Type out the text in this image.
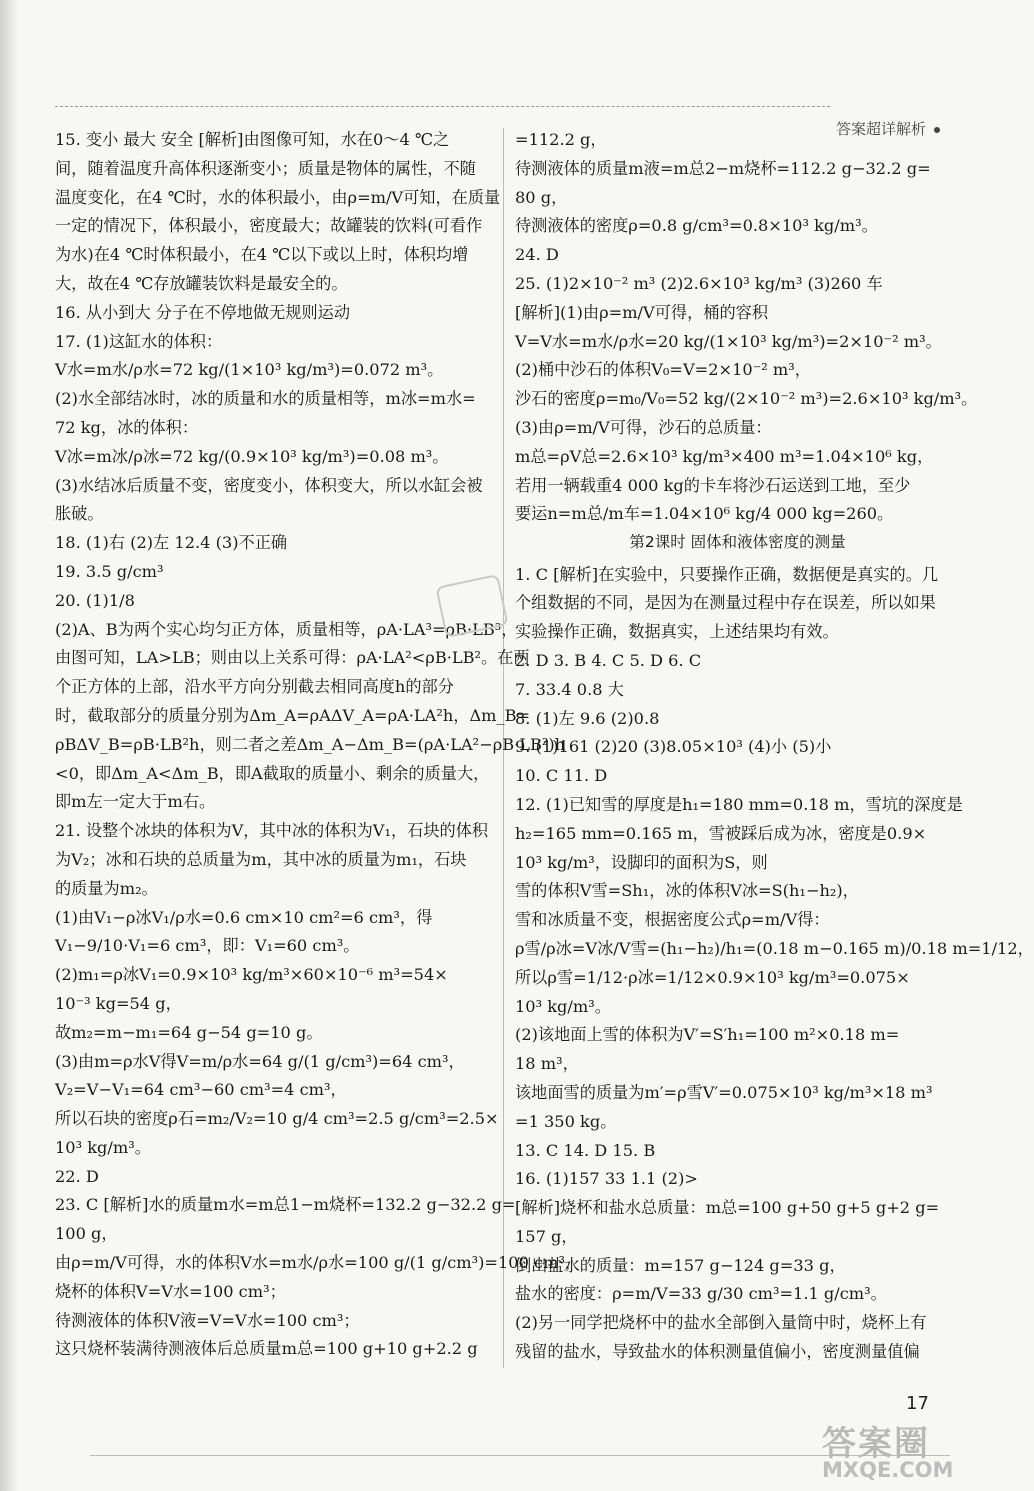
答案超详解析
15. 变小 最大 安全 [解析]由图像可知，水在0～4 ℃之
间，随着温度升高体积逐渐变小；质量是物体的属性，不随
温度变化，在4 ℃时，水的体积最小，由ρ=m/V可知，在质量
一定的情况下，体积最小，密度最大；故罐装的饮料(可看作
为水)在4 ℃时体积最小，在4 ℃以下或以上时，体积均增
大，故在4 ℃存放罐装饮料是最安全的。
16. 从小到大 分子在不停地做无规则运动
17. (1)这缸水的体积：
V水=m水/ρ水=72 kg/(1×10³ kg/m³)=0.072 m³。
(2)水全部结冰时，冰的质量和水的质量相等，m冰=m水=
72 kg，冰的体积：
V冰=m冰/ρ冰=72 kg/(0.9×10³ kg/m³)=0.08 m³。
(3)水结冰后质量不变，密度变小，体积变大，所以水缸会被
胀破。
18. (1)右 (2)左 12.4 (3)不正确
19. 3.5 g/cm³
20. (1)1/8
(2)A、B为两个实心均匀正方体，质量相等，ρA·LA³=ρB·LB³，
由图可知，LA>LB；则由以上关系可得：ρA·LA²<ρB·LB²。在两
个正方体的上部，沿水平方向分别截去相同高度h的部分
时，截取部分的质量分别为Δm_A=ρAΔV_A=ρA·LA²h，Δm_B=
ρBΔV_B=ρB·LB²h，则二者之差Δm_A−Δm_B=(ρA·LA²−ρB·LB²)h
<0，即Δm_A<Δm_B，即A截取的质量小、剩余的质量大，
即m左一定大于m右。
21. 设整个冰块的体积为V，其中冰的体积为V₁，石块的体积
为V₂；冰和石块的总质量为m，其中冰的质量为m₁，石块
的质量为m₂。
(1)由V₁−ρ冰V₁/ρ水=0.6 cm×10 cm²=6 cm³，得
V₁−9/10·V₁=6 cm³，即：V₁=60 cm³。
(2)m₁=ρ冰V₁=0.9×10³ kg/m³×60×10⁻⁶ m³=54×
10⁻³ kg=54 g，
故m₂=m−m₁=64 g−54 g=10 g。
(3)由m=ρ水V得V=m/ρ水=64 g/(1 g/cm³)=64 cm³，
V₂=V−V₁=64 cm³−60 cm³=4 cm³，
所以石块的密度ρ石=m₂/V₂=10 g/4 cm³=2.5 g/cm³=2.5×
10³ kg/m³。
22. D
23. C [解析]水的质量m水=m总1−m烧杯=132.2 g−32.2 g=
100 g，
由ρ=m/V可得，水的体积V水=m水/ρ水=100 g/(1 g/cm³)=100 cm³，
烧杯的体积V=V水=100 cm³；
待测液体的体积V液=V=V水=100 cm³；
这只烧杯装满待测液体后总质量m总=100 g+10 g+2.2 g
=112.2 g，
待测液体的质量m液=m总2−m烧杯=112.2 g−32.2 g=
80 g，
待测液体的密度ρ=0.8 g/cm³=0.8×10³ kg/m³。
24. D
25. (1)2×10⁻² m³ (2)2.6×10³ kg/m³ (3)260 车
[解析](1)由ρ=m/V可得，桶的容积
V=V水=m水/ρ水=20 kg/(1×10³ kg/m³)=2×10⁻² m³。
(2)桶中沙石的体积V₀=V=2×10⁻² m³，
沙石的密度ρ=m₀/V₀=52 kg/(2×10⁻² m³)=2.6×10³ kg/m³。
(3)由ρ=m/V可得，沙石的总质量：
m总=ρV总=2.6×10³ kg/m³×400 m³=1.04×10⁶ kg，
若用一辆载重4 000 kg的卡车将沙石运送到工地，至少
要运n=m总/m车=1.04×10⁶ kg/4 000 kg=260。
第2课时 固体和液体密度的测量
1. C [解析]在实验中，只要操作正确，数据便是真实的。几
个组数据的不同，是因为在测量过程中存在误差，所以如果
实验操作正确，数据真实，上述结果均有效。
2. D 3. B 4. C 5. D 6. C
7. 33.4 0.8 大
8. (1)左 9.6 (2)0.8
9. (1)161 (2)20 (3)8.05×10³ (4)小 (5)小
10. C 11. D
12. (1)已知雪的厚度是h₁=180 mm=0.18 m，雪坑的深度是
h₂=165 mm=0.165 m，雪被踩后成为冰，密度是0.9×
10³ kg/m³，设脚印的面积为S，则
雪的体积V雪=Sh₁，冰的体积V冰=S(h₁−h₂)，
雪和冰质量不变，根据密度公式ρ=m/V得：
ρ雪/ρ冰=V冰/V雪=(h₁−h₂)/h₁=(0.18 m−0.165 m)/0.18 m=1/12，
所以ρ雪=1/12·ρ冰=1/12×0.9×10³ kg/m³=0.075×
10³ kg/m³。
(2)该地面上雪的体积为V′=S′h₁=100 m²×0.18 m=
18 m³，
该地面雪的质量为m′=ρ雪V′=0.075×10³ kg/m³×18 m³
=1 350 kg。
13. C 14. D 15. B
16. (1)157 33 1.1 (2)>
[解析]烧杯和盐水总质量：m总=100 g+50 g+5 g+2 g=
157 g，
倒出盐水的质量：m=157 g−124 g=33 g，
盐水的密度：ρ=m/V=33 g/30 cm³=1.1 g/cm³。
(2)另一同学把烧杯中的盐水全部倒入量筒中时，烧杯上有
残留的盐水，导致盐水的体积测量值偏小，密度测量值偏
17
答案圈
MXQE.COM
